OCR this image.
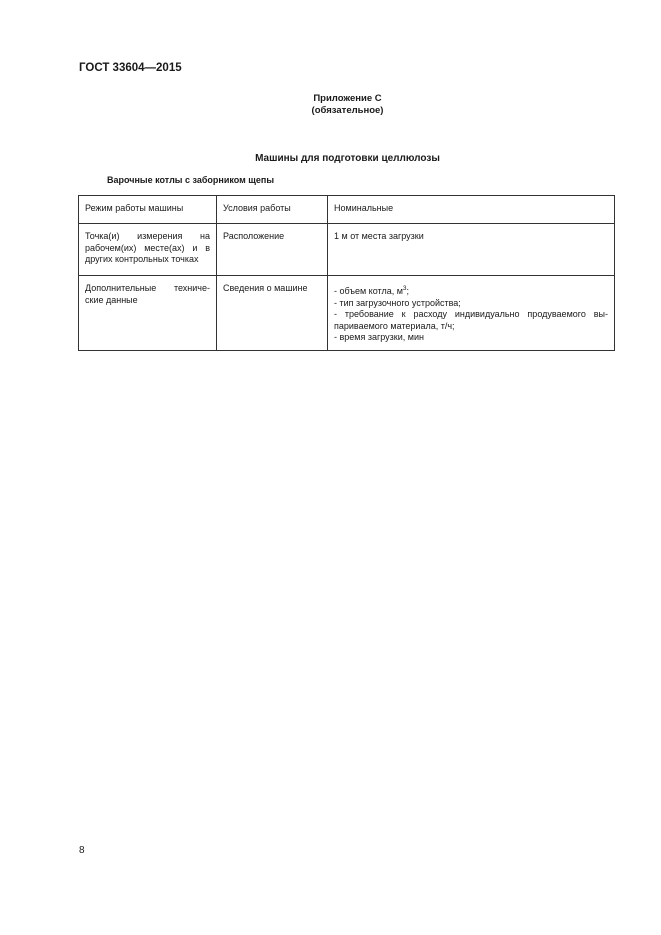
ГОСТ 33604—2015
Приложение С
(обязательное)
Машины для подготовки целлюлозы
Варочные котлы с заборником щепы
Режим работы машины	Условия работы	Номинальные

Точка(и) измерения на
рабочем(их) месте(ах) и в
других контрольных точках	Расположение	1 м от места загрузки

Дополнительные техниче-
ские данные	Сведения о машине	- объем котла, $м^3$;
- тип загрузочного устройства;
- требование к расходу индивидуально продуваемого вы-
париваемого материала, т/ч;
- время загрузки, мин
8
